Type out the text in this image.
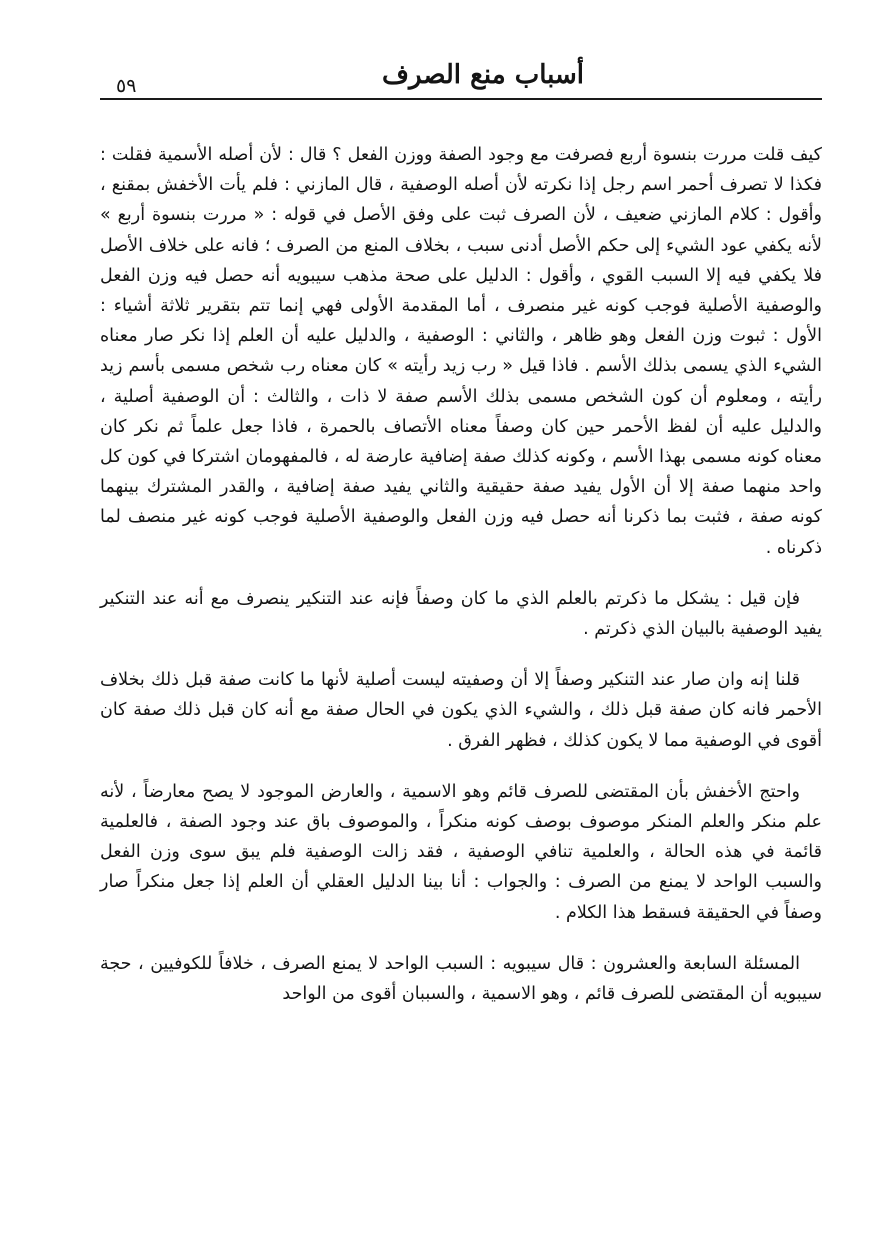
أسباب منع الصرف
٥٩

كيف قلت مررت بنسوة أربع فصرفت مع وجود الصفة ووزن الفعل ؟ قال : لأن أصله الأسمية فقلت : فكذا لا تصرف أحمر اسم رجل إذا نكرته لأن أصله الوصفية ، قال المازني : فلم يأت الأخفش بمقنع ، وأقول : كلام المازني ضعيف ، لأن الصرف ثبت على وفق الأصل في قوله : « مررت بنسوة أربع » لأنه يكفي عود الشيء إلى حكم الأصل أدنى سبب ، بخلاف المنع من الصرف ؛ فانه على خلاف الأصل فلا يكفي فيه إلا السبب القوي ، وأقول : الدليل على صحة مذهب سيبويه أنه حصل فيه وزن الفعل والوصفية الأصلية فوجب كونه غير منصرف ، أما المقدمة الأولى فهي إنما تتم بتقرير ثلاثة أشياء : الأول : ثبوت وزن الفعل وهو ظاهر ، والثاني : الوصفية ، والدليل عليه أن العلم إذا نكر صار معناه الشيء الذي يسمى بذلك الأسم . فاذا قيل « رب زيد رأيته » كان معناه رب شخص مسمى بأسم زيد رأيته ، ومعلوم أن كون الشخص مسمى بذلك الأسم صفة لا ذات ، والثالث : أن الوصفية أصلية ، والدليل عليه أن لفظ الأحمر حين كان وصفاً معناه الأتصاف بالحمرة ، فاذا جعل علماً ثم نكر كان معناه كونه مسمى بهذا الأسم ، وكونه كذلك صفة إضافية عارضة له ، فالمفهومان اشتركا في كون كل واحد منهما صفة إلا أن الأول يفيد صفة حقيقية والثاني يفيد صفة إضافية ، والقدر المشترك بينهما كونه صفة ، فثبت بما ذكرنا أنه حصل فيه وزن الفعل والوصفية الأصلية فوجب كونه غير منصف لما ذكرناه .

فإن قيل : يشكل ما ذكرتم بالعلم الذي ما كان وصفاً فإنه عند التنكير ينصرف مع أنه عند التنكير يفيد الوصفية بالبيان الذي ذكرتم .

قلنا إنه وان صار عند التنكير وصفاً إلا أن وصفيته ليست أصلية لأنها ما كانت صفة قبل ذلك بخلاف الأحمر فانه كان صفة قبل ذلك ، والشيء الذي يكون في الحال صفة مع أنه كان قبل ذلك صفة كان أقوى في الوصفية مما لا يكون كذلك ، فظهر الفرق .

واحتج الأخفش بأن المقتضى للصرف قائم وهو الاسمية ، والعارض الموجود لا يصح معارضاً ، لأنه علم منكر والعلم المنكر موصوف بوصف كونه منكراً ، والموصوف باق عند وجود الصفة ، فالعلمية قائمة في هذه الحالة ، والعلمية تنافي الوصفية ، فقد زالت الوصفية فلم يبق سوى وزن الفعل والسبب الواحد لا يمنع من الصرف : والجواب : أنا بينا الدليل العقلي أن العلم إذا جعل منكراً صار وصفاً في الحقيقة فسقط هذا الكلام .

المسئلة السابعة والعشرون : قال سيبويه : السبب الواحد لا يمنع الصرف ، خلافاً للكوفيين ، حجة سيبويه أن المقتضى للصرف قائم ، وهو الاسمية ، والسببان أقوى من الواحد
